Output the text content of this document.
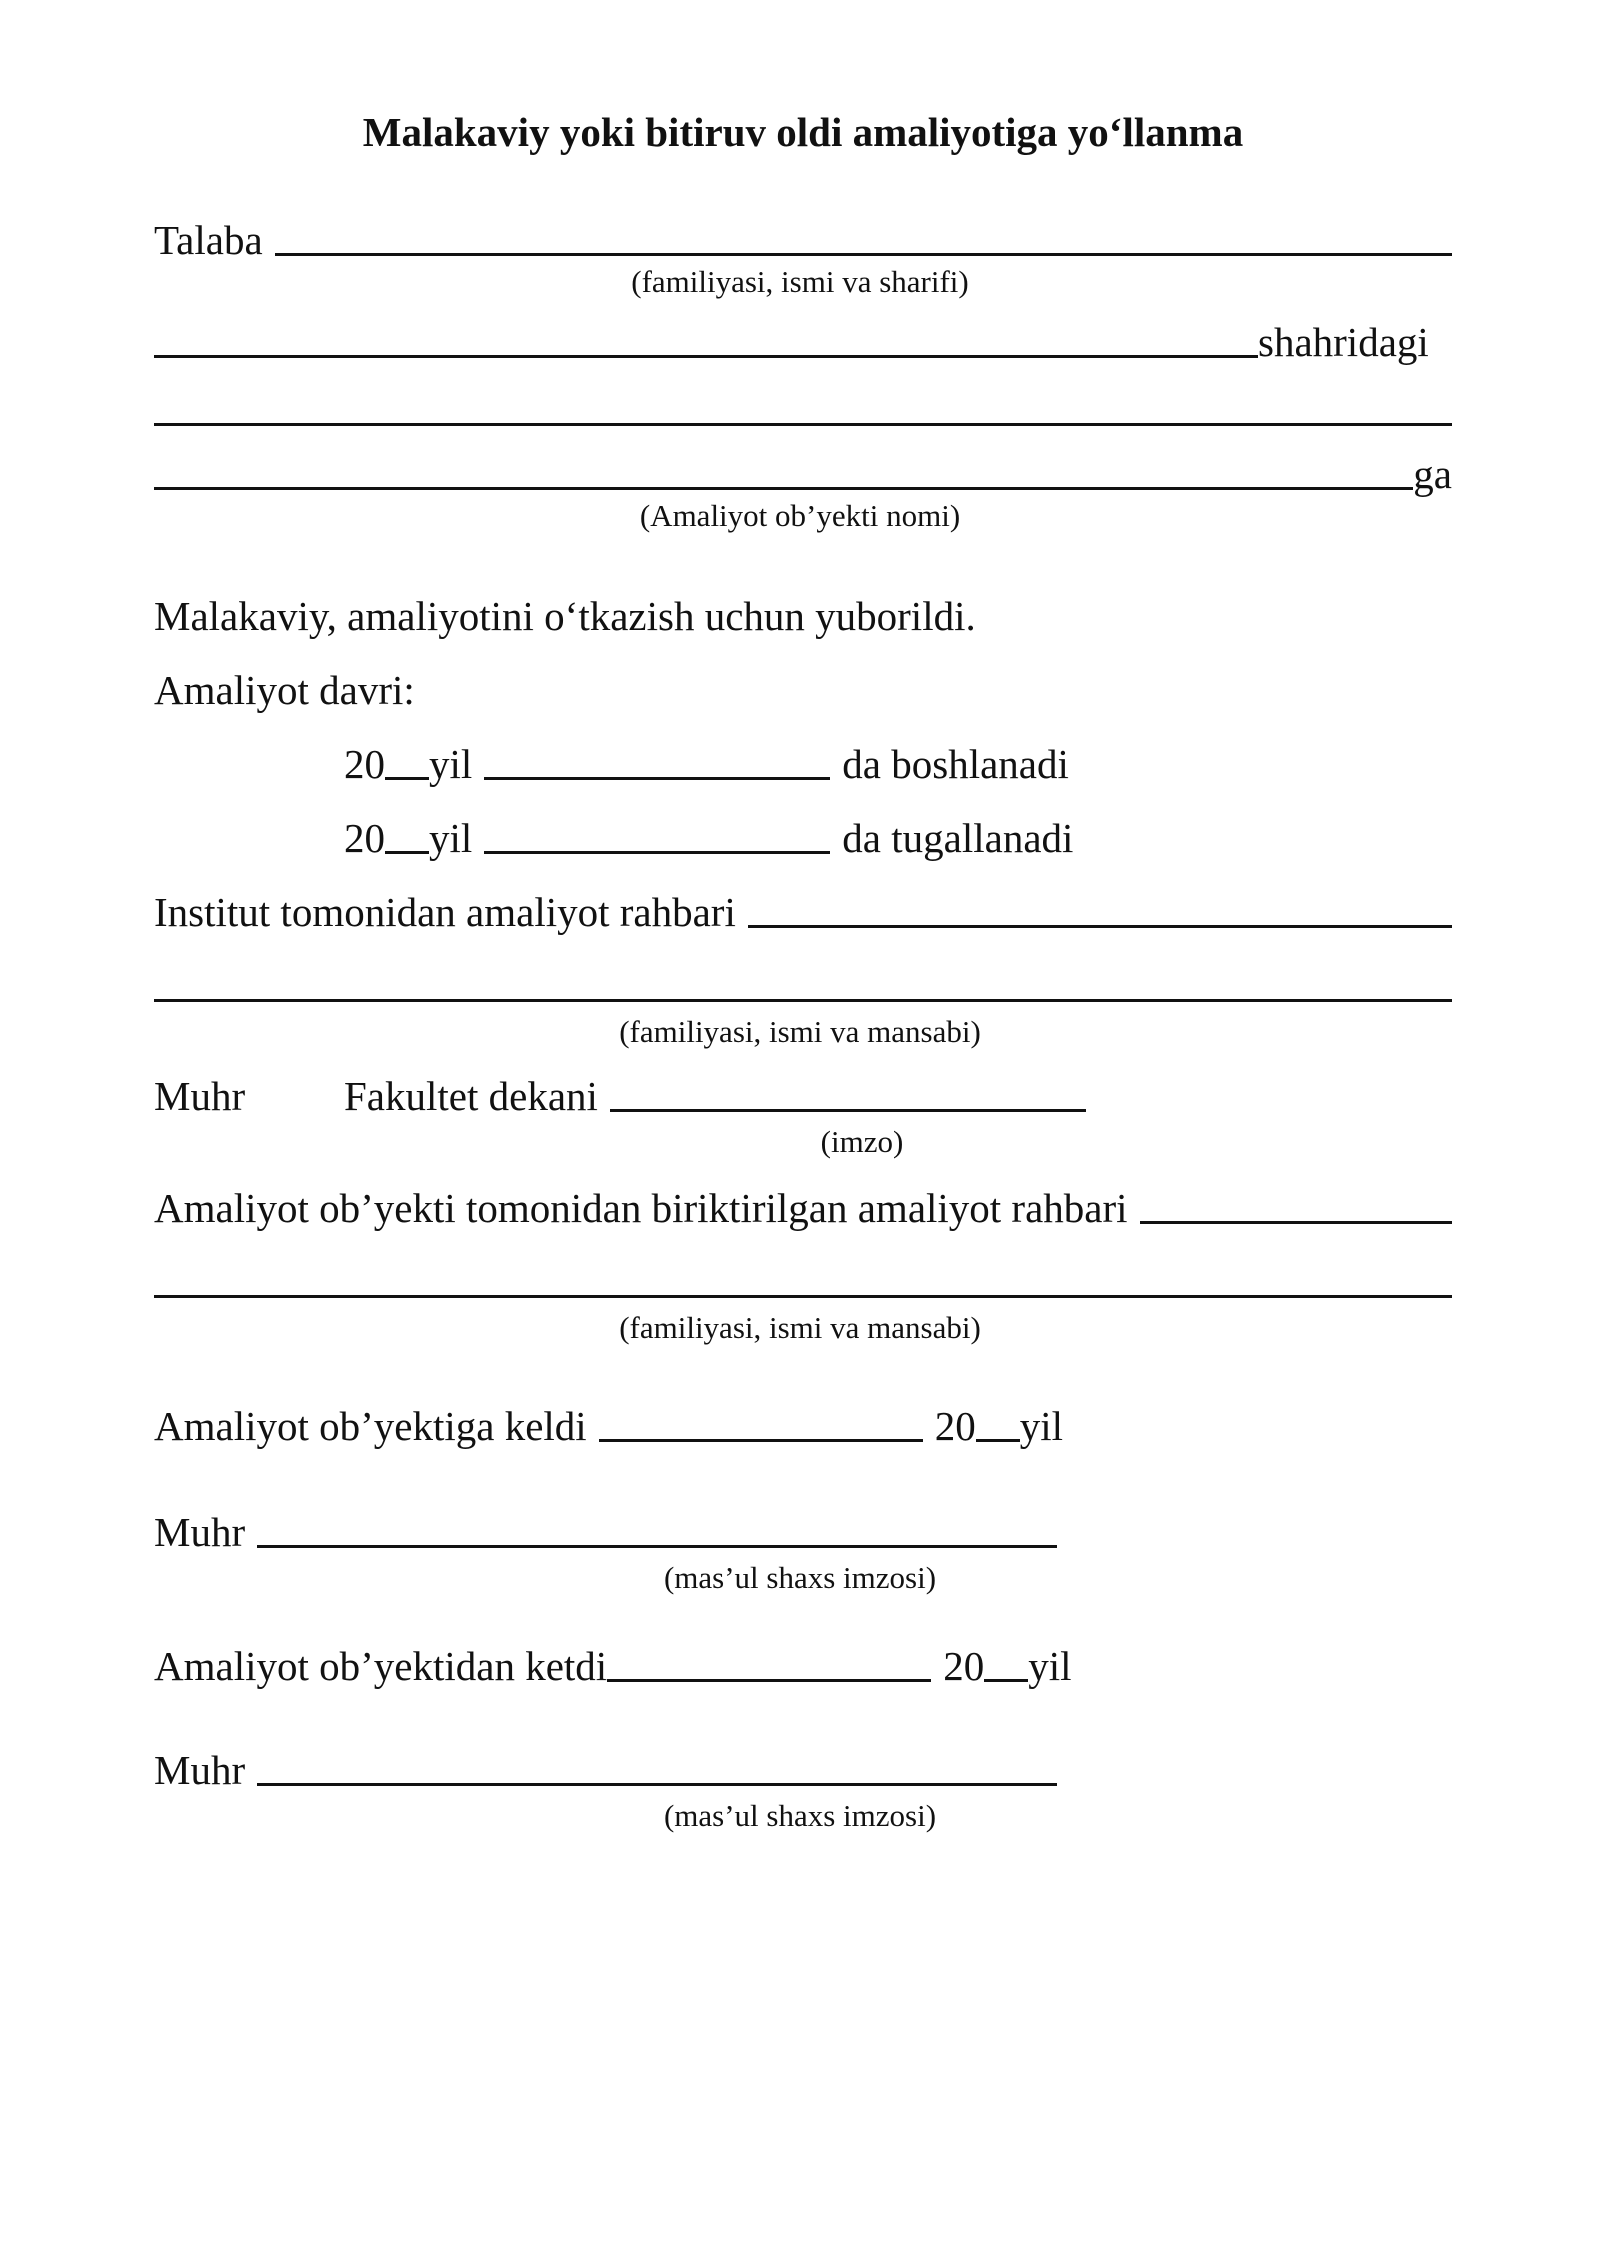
Malakaviy yoki bitiruv oldi amaliyotiga yo‘llanma
Talaba
(familiyasi, ismi va sharifi)
shahridagi
ga
(Amaliyot ob’yekti nomi)
Malakaviy, amaliyotini o‘tkazish uchun yuborildi.
Amaliyot davri:
20 yil	da boshlanadi
20 yil	da tugallanadi
Institut tomonidan amaliyot rahbari
(familiyasi, ismi va mansabi)
Muhr	Fakultet dekani
(imzo)
Amaliyot ob’yekti tomonidan biriktirilgan amaliyot rahbari
(familiyasi, ismi va mansabi)
Amaliyot ob’yektiga keldi	20 yil
Muhr
(mas’ul shaxs imzosi)
Amaliyot ob’yektidan ketdi	20 yil
Muhr
(mas’ul shaxs imzosi)
